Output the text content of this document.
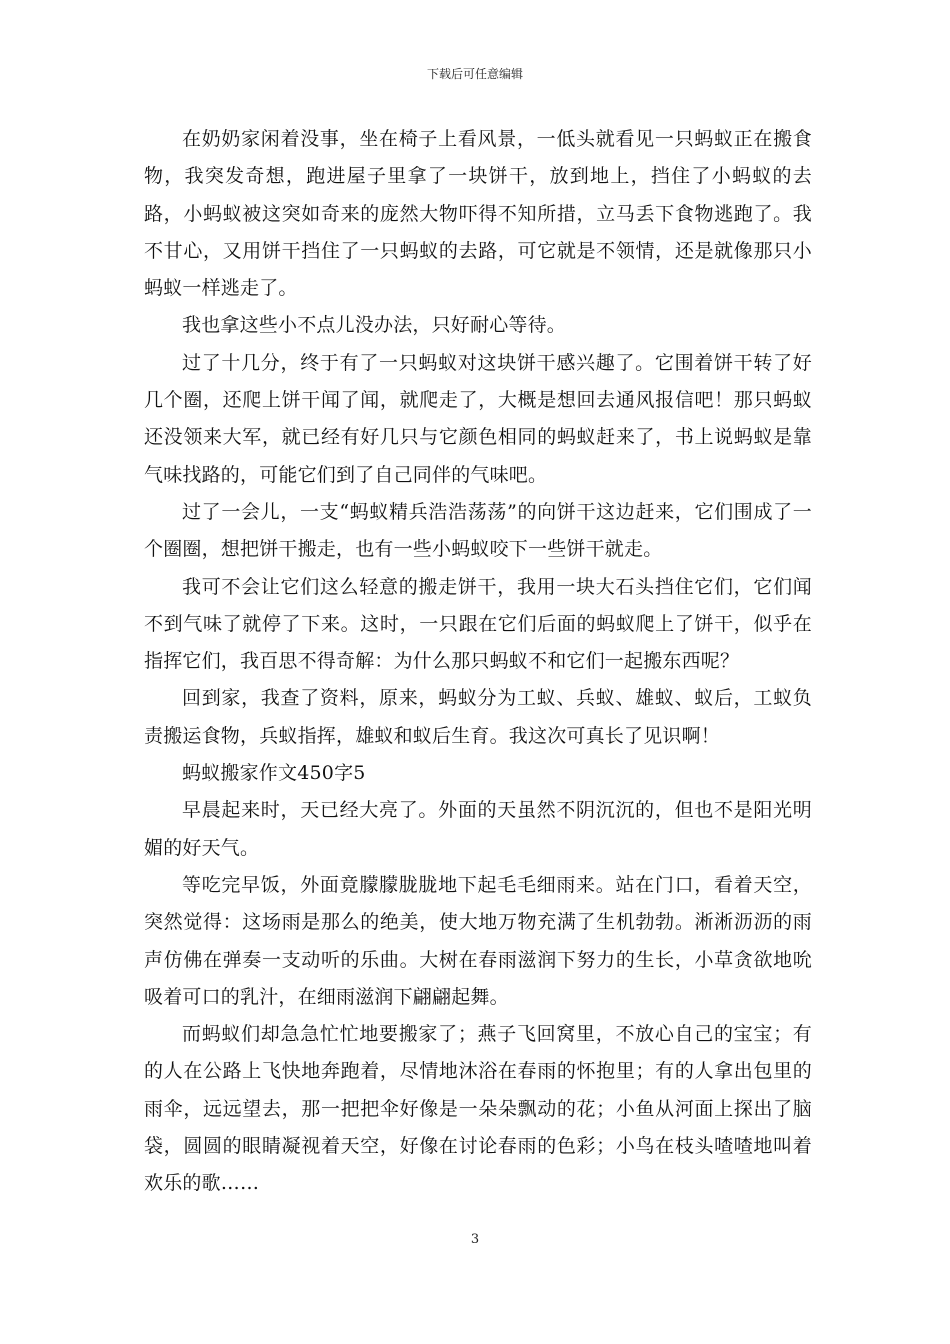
下载后可任意编辑

在奶奶家闲着没事，坐在椅子上看风景，一低头就看见一只蚂蚁正在搬食物，我突发奇想，跑进屋子里拿了一块饼干，放到地上，挡住了小蚂蚁的去路，小蚂蚁被这突如奇来的庞然大物吓得不知所措，立马丢下食物逃跑了。我不甘心，又用饼干挡住了一只蚂蚁的去路，可它就是不领情，还是就像那只小蚂蚁一样逃走了。

我也拿这些小不点儿没办法，只好耐心等待。

过了十几分，终于有了一只蚂蚁对这块饼干感兴趣了。它围着饼干转了好几个圈，还爬上饼干闻了闻，就爬走了，大概是想回去通风报信吧！那只蚂蚁还没领来大军，就已经有好几只与它颜色相同的蚂蚁赶来了，书上说蚂蚁是靠气味找路的，可能它们到了自己同伴的气味吧。

过了一会儿，一支“蚂蚁精兵浩浩荡荡”的向饼干这边赶来，它们围成了一个圈圈，想把饼干搬走，也有一些小蚂蚁咬下一些饼干就走。

我可不会让它们这么轻意的搬走饼干，我用一块大石头挡住它们，它们闻不到气味了就停了下来。这时，一只跟在它们后面的蚂蚁爬上了饼干，似乎在指挥它们，我百思不得奇解：为什么那只蚂蚁不和它们一起搬东西呢？

回到家，我查了资料，原来，蚂蚁分为工蚁、兵蚁、雄蚁、蚁后，工蚁负责搬运食物，兵蚁指挥，雄蚁和蚁后生育。我这次可真长了见识啊！

蚂蚁搬家作文450字5

早晨起来时，天已经大亮了。外面的天虽然不阴沉沉的，但也不是阳光明媚的好天气。

等吃完早饭，外面竟朦朦胧胧地下起毛毛细雨来。站在门口，看着天空，突然觉得：这场雨是那么的绝美，使大地万物充满了生机勃勃。淅淅沥沥的雨声仿佛在弹奏一支动听的乐曲。大树在春雨滋润下努力的生长，小草贪欲地吮吸着可口的乳汁，在细雨滋润下翩翩起舞。

而蚂蚁们却急急忙忙地要搬家了；燕子飞回窝里，不放心自己的宝宝；有的人在公路上飞快地奔跑着，尽情地沐浴在春雨的怀抱里；有的人拿出包里的雨伞，远远望去，那一把把伞好像是一朵朵飘动的花；小鱼从河面上探出了脑袋，圆圆的眼睛凝视着天空，好像在讨论春雨的色彩；小鸟在枝头喳喳地叫着欢乐的歌……

3
